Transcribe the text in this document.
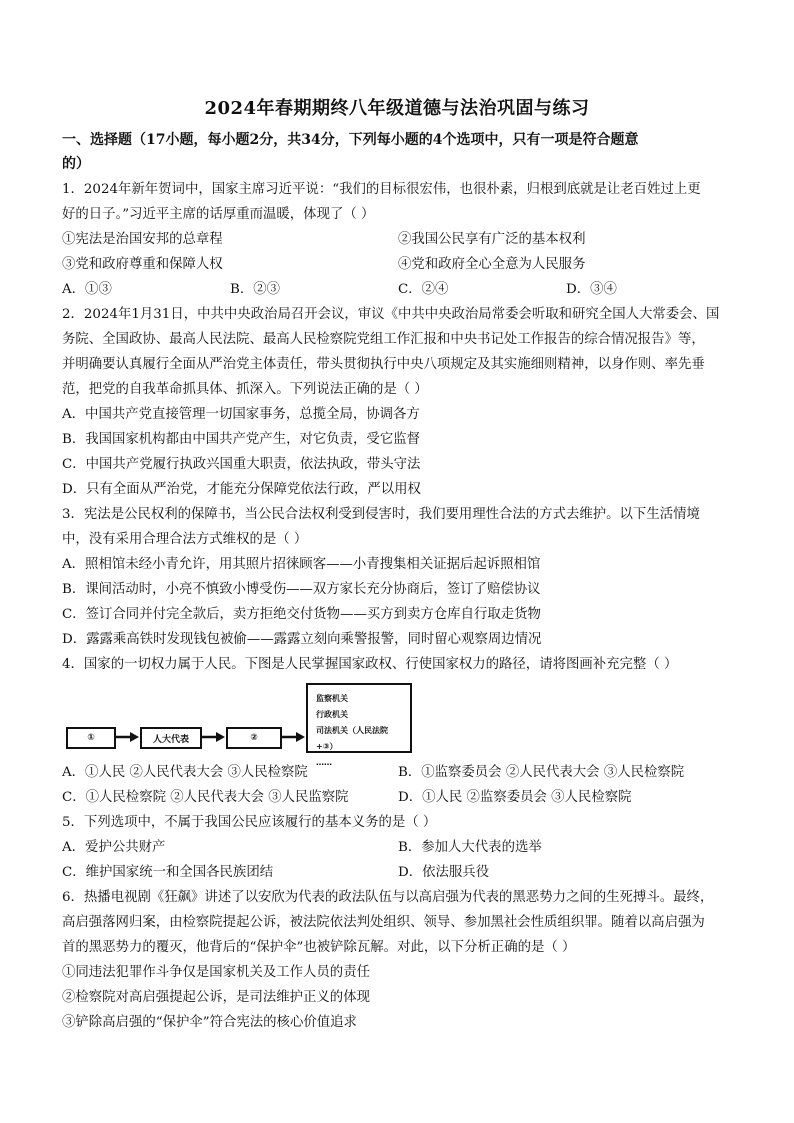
2024年春期期终八年级道德与法治巩固与练习
一、选择题（17小题，每小题2分，共34分，下列每小题的4个选项中，只有一项是符合题意
的）
1．2024年新年贺词中，国家主席习近平说：“我们的目标很宏伟，也很朴素，归根到底就是让老百姓过上更
好的日子。”习近平主席的话厚重而温暖，体现了（ ）
①宪法是治国安邦的总章程	②我国公民享有广泛的基本权利
③党和政府尊重和保障人权	④党和政府全心全意为人民服务
A．①③	B．②③	C．②④	D．③④
2．2024年1月31日，中共中央政治局召开会议，审议《中共中央政治局常委会听取和研究全国人大常委会、国
务院、全国政协、最高人民法院、最高人民检察院党组工作汇报和中央书记处工作报告的综合情况报告》等，
并明确要认真履行全面从严治党主体责任，带头贯彻执行中央八项规定及其实施细则精神，以身作则、率先垂
范，把党的自我革命抓具体、抓深入。下列说法正确的是（ ）
A．中国共产党直接管理一切国家事务，总揽全局，协调各方
B．我国国家机构都由中国共产党产生，对它负责，受它监督
C．中国共产党履行执政兴国重大职责，依法执政，带头守法
D．只有全面从严治党，才能充分保障党依法行政，严以用权
3．宪法是公民权利的保障书，当公民合法权利受到侵害时，我们要用理性合法的方式去维护。以下生活情境
中，没有采用合理合法方式维权的是（ ）
A．照相馆未经小青允许，用其照片招徕顾客——小青搜集相关证据后起诉照相馆
B．课间活动时，小亮不慎致小博受伤——双方家长充分协商后，签订了赔偿协议
C．签订合同并付完全款后，卖方拒绝交付货物——买方到卖方仓库自行取走货物
D．露露乘高铁时发现钱包被偷——露露立刻向乘警报警，同时留心观察周边情况
4．国家的一切权力属于人民。下图是人民掌握国家政权、行使国家权力的路径，请将图画补充完整（ ）
①	人大代表	②
监察机关
行政机关
司法机关（人民法院+③）
……
A．①人民 ②人民代表大会 ③人民检察院	B．①监察委员会 ②人民代表大会 ③人民检察院
C．①人民检察院 ②人民代表大会 ③人民监察院	D．①人民 ②监察委员会 ③人民检察院
5．下列选项中，不属于我国公民应该履行的基本义务的是（ ）
A．爱护公共财产	B．参加人大代表的选举
C．维护国家统一和全国各民族团结	D．依法服兵役
6．热播电视剧《狂飙》讲述了以安欣为代表的政法队伍与以高启强为代表的黑恶势力之间的生死搏斗。最终，
高启强落网归案，由检察院提起公诉，被法院依法判处组织、领导、参加黑社会性质组织罪。随着以高启强为
首的黑恶势力的覆灭，他背后的“保护伞”也被铲除瓦解。对此，以下分析正确的是（ ）
①同违法犯罪作斗争仅是国家机关及工作人员的责任
②检察院对高启强提起公诉，是司法维护正义的体现
③铲除高启强的“保护伞”符合宪法的核心价值追求
